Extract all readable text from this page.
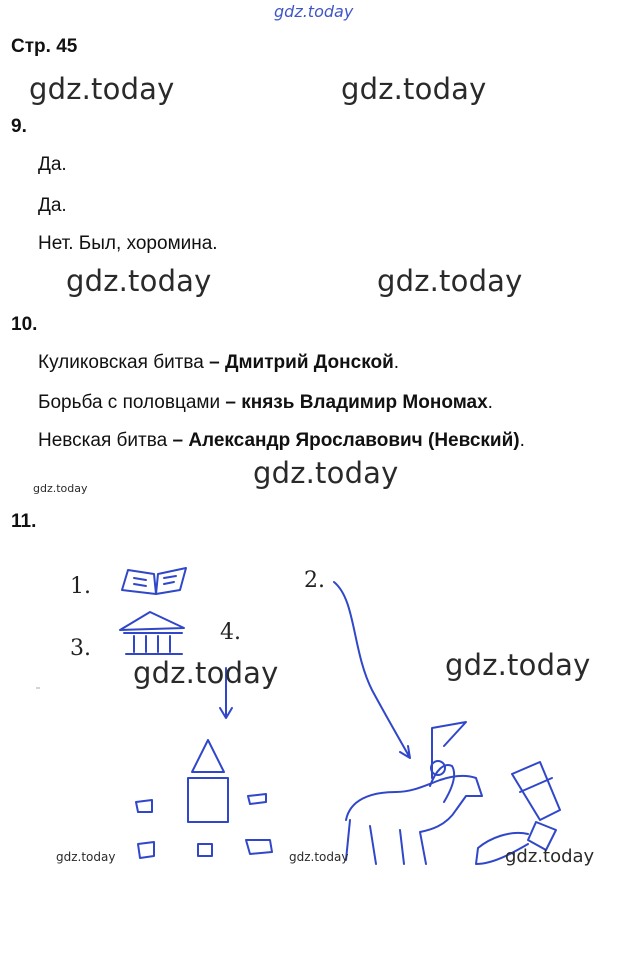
gdz.today
Стр. 45
gdz.today	gdz.today
9.
Да.
Да.
Нет. Был, хоромина.
gdz.today	gdz.today
10.
Куликовская битва – Дмитрий Донской.
Борьба с половцами – князь Владимир Мономах.
Невская битва – Александр Ярославович (Невский).
gdz.today
gdz.today
11.
1.	2.
3.
4.
gdz.today	gdz.today
gdz.today	gdz.today	gdz.today
